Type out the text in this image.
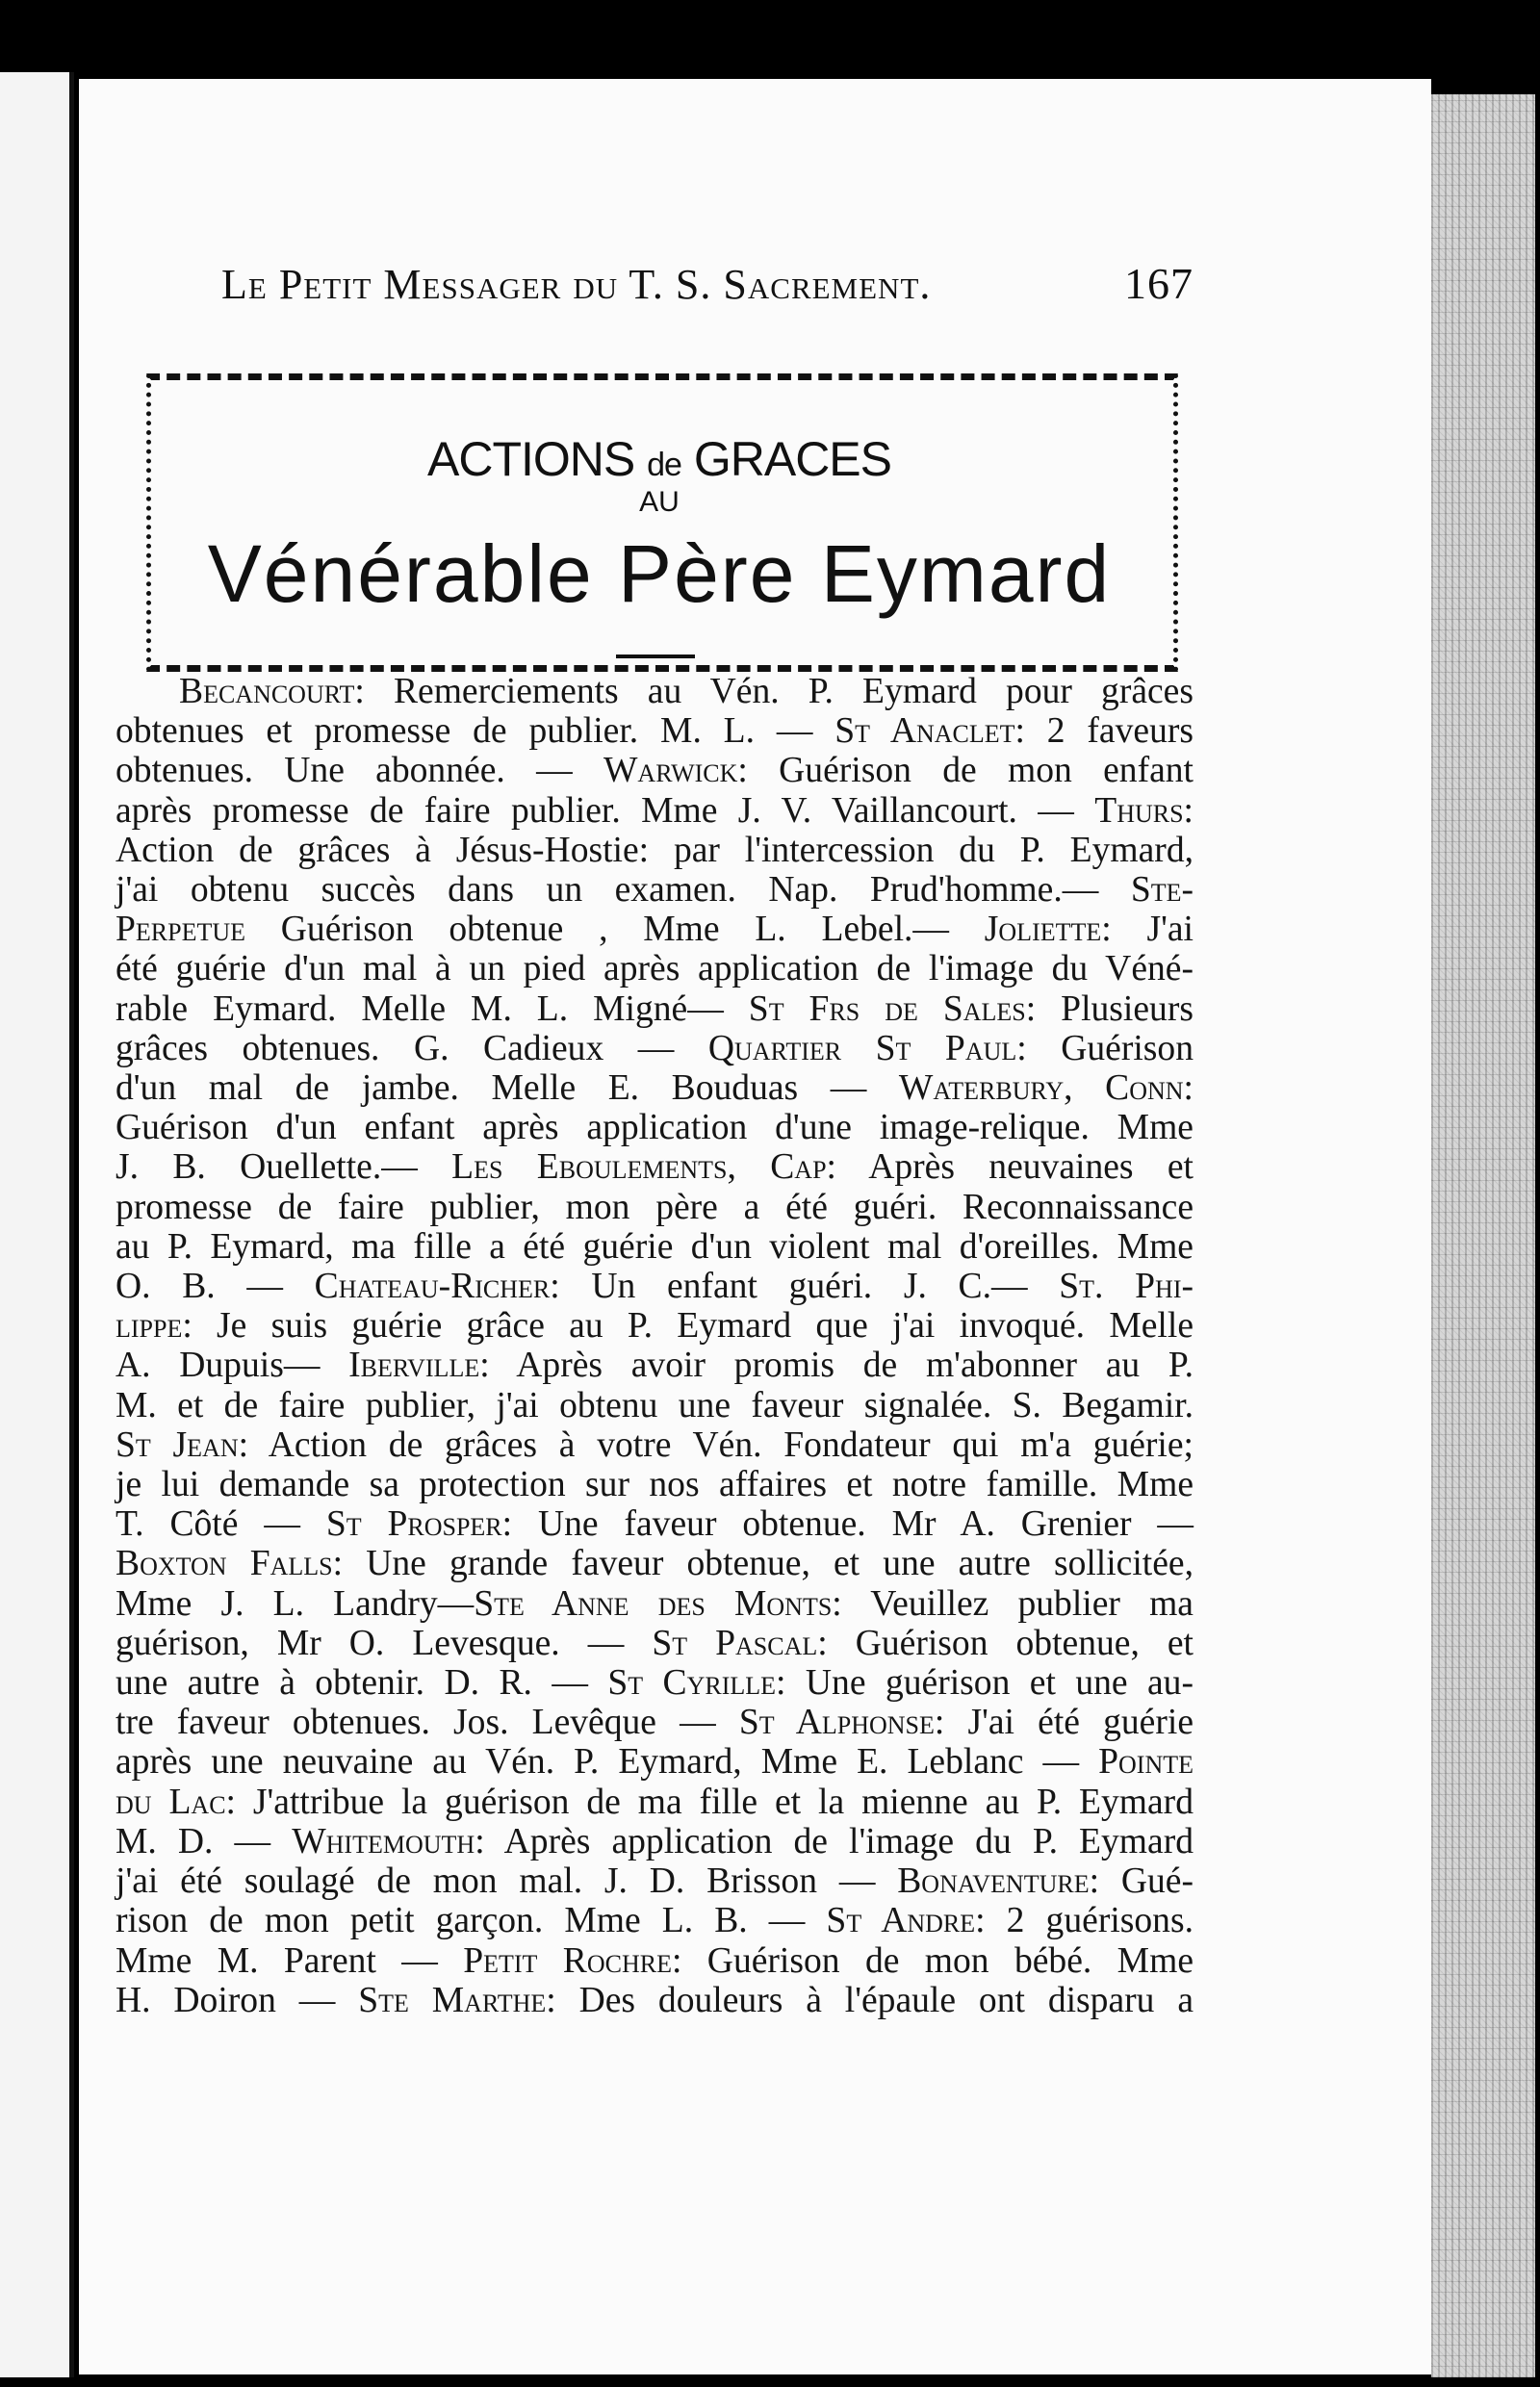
Le Petit Messager du T. S. Sacrement.	167
ACTIONS de GRACES
AU
Vénérable Père Eymard
Becancourt: Remerciements au Vén. P. Eymard pour grâces
obtenues et promesse de publier. M. L. — St Anaclet: 2 faveurs
obtenues. Une abonnée. — Warwick: Guérison de mon enfant
après promesse de faire publier. Mme J. V. Vaillancourt. — Thurs:
Action de grâces à Jésus-Hostie: par l'intercession du P. Eymard,
j'ai obtenu succès dans un examen. Nap. Prud'homme.— Ste-
Perpetue Guérison obtenue , Mme L. Lebel.— Joliette: J'ai
été guérie d'un mal à un pied après application de l'image du Véné-
rable Eymard. Melle M. L. Migné— St Frs de Sales: Plusieurs
grâces obtenues. G. Cadieux — Quartier St Paul: Guérison
d'un mal de jambe. Melle E. Bouduas — Waterbury, Conn:
Guérison d'un enfant après application d'une image-relique. Mme
J. B. Ouellette.— Les Eboulements, Cap: Après neuvaines et
promesse de faire publier, mon père a été guéri. Reconnaissance
au P. Eymard, ma fille a été guérie d'un violent mal d'oreilles. Mme
O. B. — Chateau-Richer: Un enfant guéri. J. C.— St. Phi-
lippe: Je suis guérie grâce au P. Eymard que j'ai invoqué. Melle
A. Dupuis— Iberville: Après avoir promis de m'abonner au P.
M. et de faire publier, j'ai obtenu une faveur signalée. S. Begamir.
St Jean: Action de grâces à votre Vén. Fondateur qui m'a guérie;
je lui demande sa protection sur nos affaires et notre famille. Mme
T. Côté — St Prosper: Une faveur obtenue. Mr A. Grenier —
Boxton Falls: Une grande faveur obtenue, et une autre sollicitée,
Mme J. L. Landry—Ste Anne des Monts: Veuillez publier ma
guérison, Mr O. Levesque. — St Pascal: Guérison obtenue, et
une autre à obtenir. D. R. — St Cyrille: Une guérison et une au-
tre faveur obtenues. Jos. Levêque — St Alphonse: J'ai été guérie
après une neuvaine au Vén. P. Eymard, Mme E. Leblanc — Pointe
du Lac: J'attribue la guérison de ma fille et la mienne au P. Eymard
M. D. — Whitemouth: Après application de l'image du P. Eymard
j'ai été soulagé de mon mal. J. D. Brisson — Bonaventure: Gué-
rison de mon petit garçon. Mme L. B. — St Andre: 2 guérisons.
Mme M. Parent — Petit Rochre: Guérison de mon bébé. Mme
H. Doiron — Ste Marthe: Des douleurs à l'épaule ont disparu a
